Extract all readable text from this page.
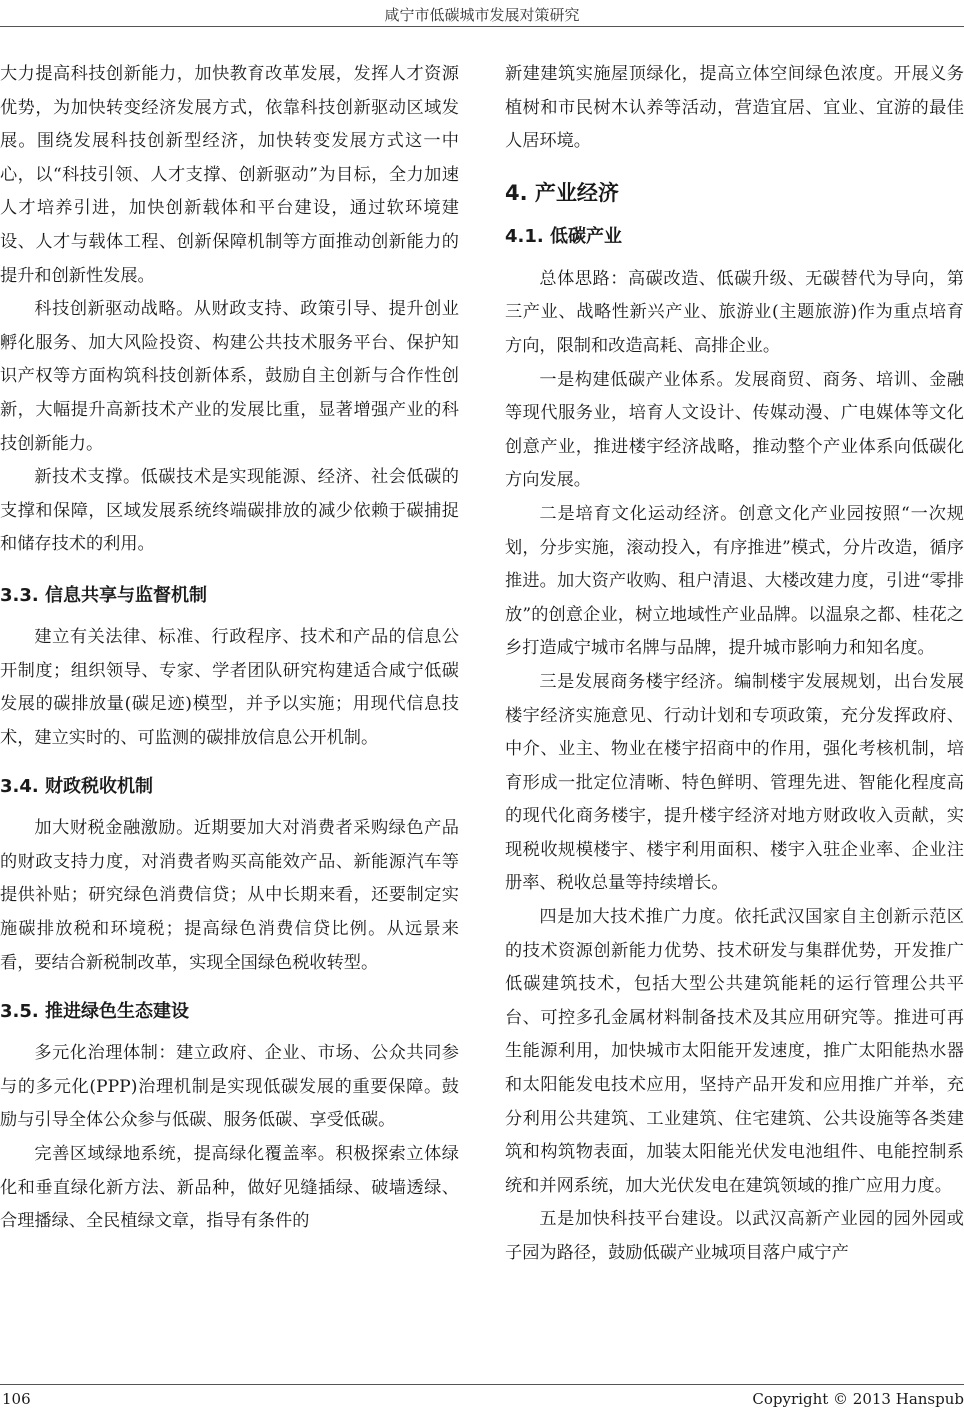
咸宁市低碳城市发展对策研究

大力提高科技创新能力，加快教育改革发展，发挥人才资源优势，为加快转变经济发展方式，依靠科技创新驱动区域发展。围绕发展科技创新型经济，加快转变发展方式这一中心，以“科技引领、人才支撑、创新驱动”为目标，全力加速人才培养引进，加快创新载体和平台建设，通过软环境建设、人才与载体工程、创新保障机制等方面推动创新能力的提升和创新性发展。

科技创新驱动战略。从财政支持、政策引导、提升创业孵化服务、加大风险投资、构建公共技术服务平台、保护知识产权等方面构筑科技创新体系，鼓励自主创新与合作性创新，大幅提升高新技术产业的发展比重，显著增强产业的科技创新能力。

新技术支撑。低碳技术是实现能源、经济、社会低碳的支撑和保障，区域发展系统终端碳排放的减少依赖于碳捕捉和储存技术的利用。

3.3. 信息共享与监督机制

建立有关法律、标准、行政程序、技术和产品的信息公开制度；组织领导、专家、学者团队研究构建适合咸宁低碳发展的碳排放量(碳足迹)模型，并予以实施；用现代信息技术，建立实时的、可监测的碳排放信息公开机制。

3.4. 财政税收机制

加大财税金融激励。近期要加大对消费者采购绿色产品的财政支持力度，对消费者购买高能效产品、新能源汽车等提供补贴；研究绿色消费信贷；从中长期来看，还要制定实施碳排放税和环境税；提高绿色消费信贷比例。从远景来看，要结合新税制改革，实现全国绿色税收转型。

3.5. 推进绿色生态建设

多元化治理体制：建立政府、企业、市场、公众共同参与的多元化(PPP)治理机制是实现低碳发展的重要保障。鼓励与引导全体公众参与低碳、服务低碳、享受低碳。

完善区域绿地系统，提高绿化覆盖率。积极探索立体绿化和垂直绿化新方法、新品种，做好见缝插绿、破墙透绿、合理播绿、全民植绿文章，指导有条件的

新建建筑实施屋顶绿化，提高立体空间绿色浓度。开展义务植树和市民树木认养等活动，营造宜居、宜业、宜游的最佳人居环境。

4. 产业经济
4.1. 低碳产业

总体思路：高碳改造、低碳升级、无碳替代为导向，第三产业、战略性新兴产业、旅游业(主题旅游)作为重点培育方向，限制和改造高耗、高排企业。

一是构建低碳产业体系。发展商贸、商务、培训、金融等现代服务业，培育人文设计、传媒动漫、广电媒体等文化创意产业，推进楼宇经济战略，推动整个产业体系向低碳化方向发展。

二是培育文化运动经济。创意文化产业园按照“一次规划，分步实施，滚动投入，有序推进”模式，分片改造，循序推进。加大资产收购、租户清退、大楼改建力度，引进“零排放”的创意企业，树立地域性产业品牌。以温泉之都、桂花之乡打造咸宁城市名牌与品牌，提升城市影响力和知名度。

三是发展商务楼宇经济。编制楼宇发展规划，出台发展楼宇经济实施意见、行动计划和专项政策，充分发挥政府、中介、业主、物业在楼宇招商中的作用，强化考核机制，培育形成一批定位清晰、特色鲜明、管理先进、智能化程度高的现代化商务楼宇，提升楼宇经济对地方财政收入贡献，实现税收规模楼宇、楼宇利用面积、楼宇入驻企业率、企业注册率、税收总量等持续增长。

四是加大技术推广力度。依托武汉国家自主创新示范区的技术资源创新能力优势、技术研发与集群优势，开发推广低碳建筑技术，包括大型公共建筑能耗的运行管理公共平台、可控多孔金属材料制备技术及其应用研究等。推进可再生能源利用，加快城市太阳能开发速度，推广太阳能热水器和太阳能发电技术应用，坚持产品开发和应用推广并举，充分利用公共建筑、工业建筑、住宅建筑、公共设施等各类建筑和构筑物表面，加装太阳能光伏发电池组件、电能控制系统和并网系统，加大光伏发电在建筑领域的推广应用力度。

五是加快科技平台建设。以武汉高新产业园的园外园或子园为路径，鼓励低碳产业城项目落户咸宁产

106	Copyright © 2013 Hanspub
